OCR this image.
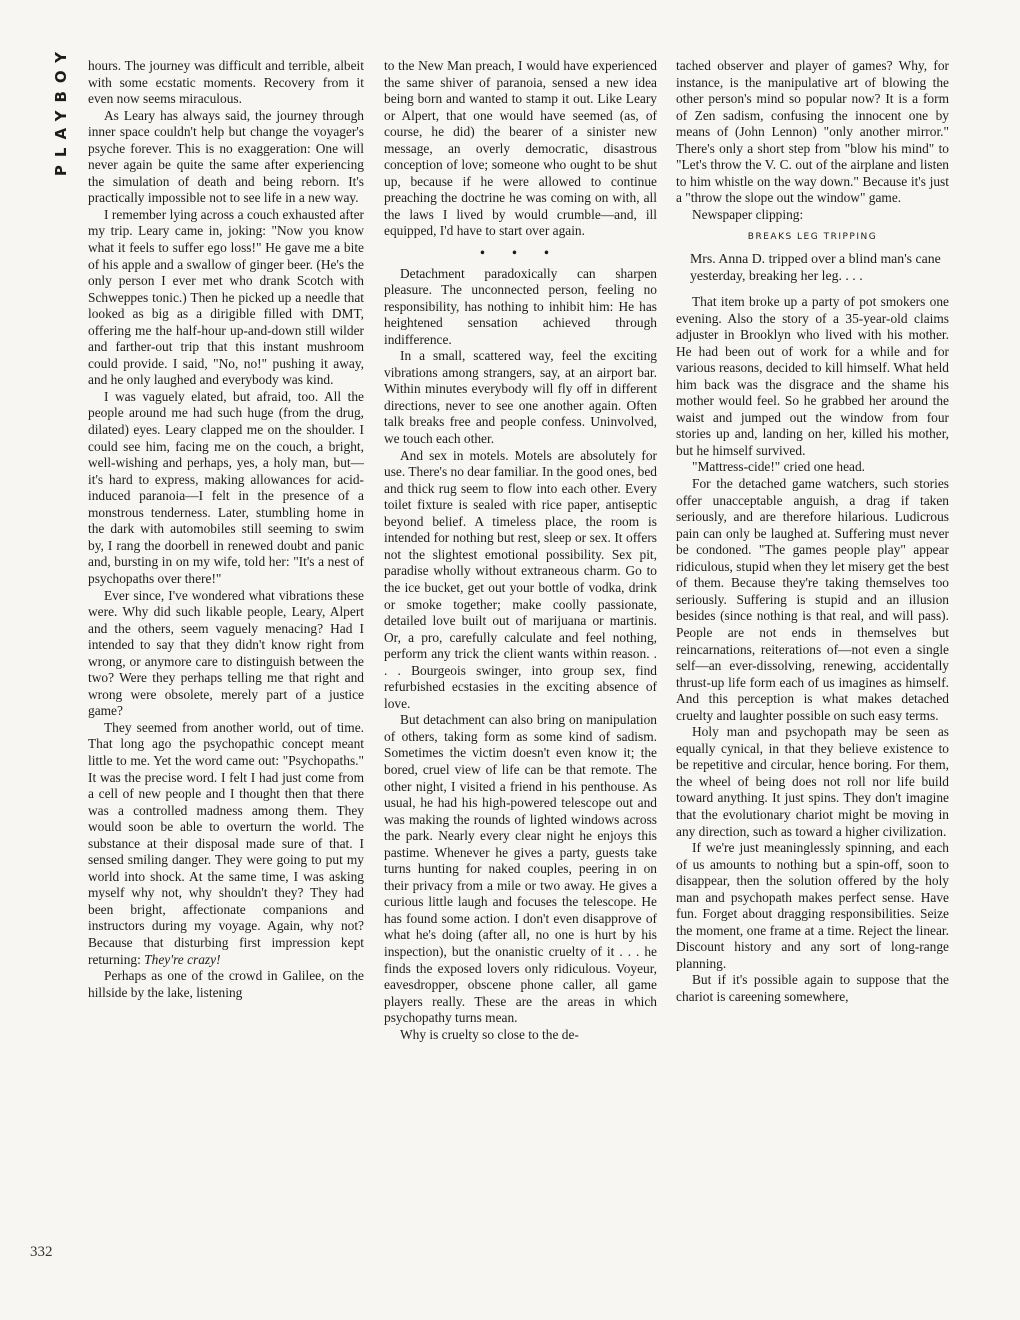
PLAYBOY
332

hours. The journey was difficult and terrible, albeit with some ecstatic moments. Recovery from it even now seems miraculous.

As Leary has always said, the journey through inner space couldn't help but change the voyager's psyche forever. This is no exaggeration: One will never again be quite the same after experiencing the simulation of death and being reborn. It's practically impossible not to see life in a new way.

I remember lying across a couch exhausted after my trip. Leary came in, joking: "Now you know what it feels to suffer ego loss!" He gave me a bite of his apple and a swallow of ginger beer. (He's the only person I ever met who drank Scotch with Schweppes tonic.) Then he picked up a needle that looked as big as a dirigible filled with DMT, offering me the half-hour up-and-down still wilder and farther-out trip that this instant mushroom could provide. I said, "No, no!" pushing it away, and he only laughed and everybody was kind.

I was vaguely elated, but afraid, too. All the people around me had such huge (from the drug, dilated) eyes. Leary clapped me on the shoulder. I could see him, facing me on the couch, a bright, well-wishing and perhaps, yes, a holy man, but—it's hard to express, making allowances for acid-induced paranoia—I felt in the presence of a monstrous tenderness. Later, stumbling home in the dark with automobiles still seeming to swim by, I rang the doorbell in renewed doubt and panic and, bursting in on my wife, told her: "It's a nest of psychopaths over there!"

Ever since, I've wondered what vibrations these were. Why did such likable people, Leary, Alpert and the others, seem vaguely menacing? Had I intended to say that they didn't know right from wrong, or anymore care to distinguish between the two? Were they perhaps telling me that right and wrong were obsolete, merely part of a justice game?

They seemed from another world, out of time. That long ago the psychopathic concept meant little to me. Yet the word came out: "Psychopaths." It was the precise word. I felt I had just come from a cell of new people and I thought then that there was a controlled madness among them. They would soon be able to overturn the world. The substance at their disposal made sure of that. I sensed smiling danger. They were going to put my world into shock. At the same time, I was asking myself why not, why shouldn't they? They had been bright, affectionate companions and instructors during my voyage. Again, why not? Because that disturbing first impression kept returning: They're crazy!

Perhaps as one of the crowd in Galilee, on the hillside by the lake, listening

to the New Man preach, I would have experienced the same shiver of paranoia, sensed a new idea being born and wanted to stamp it out. Like Leary or Alpert, that one would have seemed (as, of course, he did) the bearer of a sinister new message, an overly democratic, disastrous conception of love; someone who ought to be shut up, because if he were allowed to continue preaching the doctrine he was coming on with, all the laws I lived by would crumble—and, ill equipped, I'd have to start over again.

• • •

Detachment paradoxically can sharpen pleasure. The unconnected person, feeling no responsibility, has nothing to inhibit him: He has heightened sensation achieved through indifference.

In a small, scattered way, feel the exciting vibrations among strangers, say, at an airport bar. Within minutes everybody will fly off in different directions, never to see one another again. Often talk breaks free and people confess. Uninvolved, we touch each other.

And sex in motels. Motels are absolutely for use. There's no dear familiar. In the good ones, bed and thick rug seem to flow into each other. Every toilet fixture is sealed with rice paper, antiseptic beyond belief. A timeless place, the room is intended for nothing but rest, sleep or sex. It offers not the slightest emotional possibility. Sex pit, paradise wholly without extraneous charm. Go to the ice bucket, get out your bottle of vodka, drink or smoke together; make coolly passionate, detailed love built out of marijuana or martinis. Or, a pro, carefully calculate and feel nothing, perform any trick the client wants within reason. . . . Bourgeois swinger, into group sex, find refurbished ecstasies in the exciting absence of love.

But detachment can also bring on manipulation of others, taking form as some kind of sadism. Sometimes the victim doesn't even know it; the bored, cruel view of life can be that remote. The other night, I visited a friend in his penthouse. As usual, he had his high-powered telescope out and was making the rounds of lighted windows across the park. Nearly every clear night he enjoys this pastime. Whenever he gives a party, guests take turns hunting for naked couples, peering in on their privacy from a mile or two away. He gives a curious little laugh and focuses the telescope. He has found some action. I don't even disapprove of what he's doing (after all, no one is hurt by his inspection), but the onanistic cruelty of it . . . he finds the exposed lovers only ridiculous. Voyeur, eavesdropper, obscene phone caller, all game players really. These are the areas in which psychopathy turns mean.

Why is cruelty so close to the de-

tached observer and player of games? Why, for instance, is the manipulative art of blowing the other person's mind so popular now? It is a form of Zen sadism, confusing the innocent one by means of (John Lennon) "only another mirror." There's only a short step from "blow his mind" to "Let's throw the V. C. out of the airplane and listen to him whistle on the way down." Because it's just a "throw the slope out the window" game.

Newspaper clipping:

BREAKS LEG TRIPPING
Mrs. Anna D. tripped over a blind man's cane yesterday, breaking her leg. . . .

That item broke up a party of pot smokers one evening. Also the story of a 35-year-old claims adjuster in Brooklyn who lived with his mother. He had been out of work for a while and for various reasons, decided to kill himself. What held him back was the disgrace and the shame his mother would feel. So he grabbed her around the waist and jumped out the window from four stories up and, landing on her, killed his mother, but he himself survived.

"Mattress-cide!" cried one head.

For the detached game watchers, such stories offer unacceptable anguish, a drag if taken seriously, and are therefore hilarious. Ludicrous pain can only be laughed at. Suffering must never be condoned. "The games people play" appear ridiculous, stupid when they let misery get the best of them. Because they're taking themselves too seriously. Suffering is stupid and an illusion besides (since nothing is that real, and will pass). People are not ends in themselves but reincarnations, reiterations of—not even a single self—an ever-dissolving, renewing, accidentally thrust-up life form each of us imagines as himself. And this perception is what makes detached cruelty and laughter possible on such easy terms.

Holy man and psychopath may be seen as equally cynical, in that they believe existence to be repetitive and circular, hence boring. For them, the wheel of being does not roll nor life build toward anything. It just spins. They don't imagine that the evolutionary chariot might be moving in any direction, such as toward a higher civilization.

If we're just meaninglessly spinning, and each of us amounts to nothing but a spin-off, soon to disappear, then the solution offered by the holy man and psychopath makes perfect sense. Have fun. Forget about dragging responsibilities. Seize the moment, one frame at a time. Reject the linear. Discount history and any sort of long-range planning.

But if it's possible again to suppose that the chariot is careening somewhere,
